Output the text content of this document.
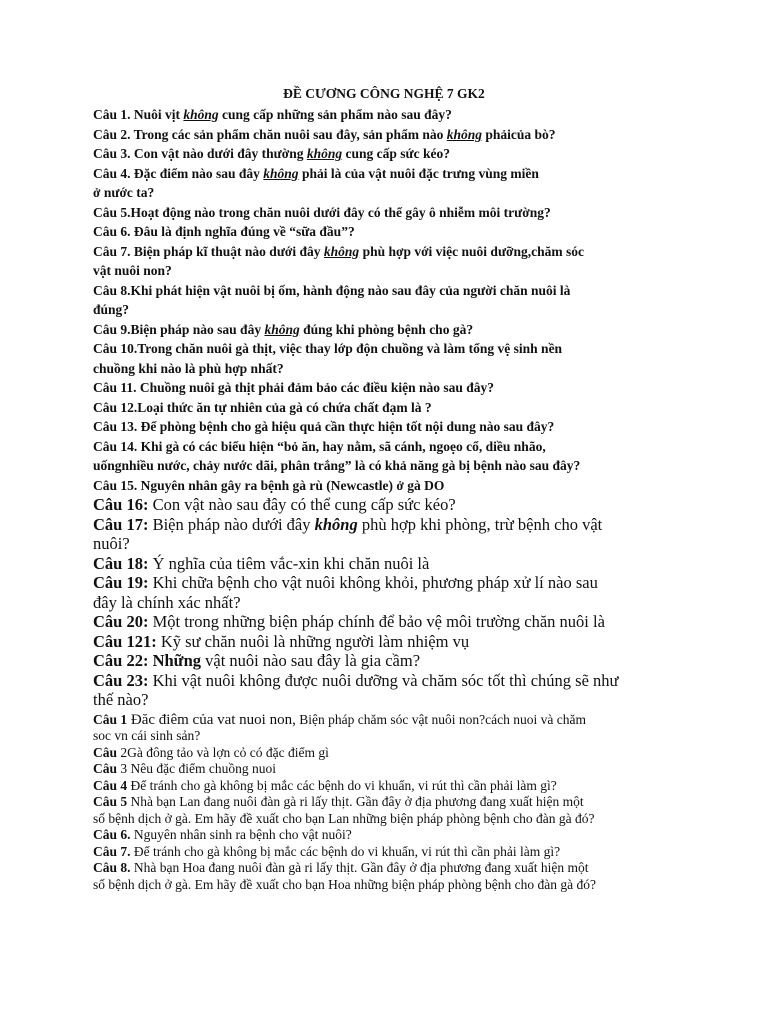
ĐỀ CƯƠNG CÔNG NGHỆ 7 GK2

Câu 1. Nuôi vịt không cung cấp những sản phẩm nào sau đây?

Câu 2. Trong các sản phẩm chăn nuôi sau đây, sản phẩm nào không phảicủa bò?

Câu 3. Con vật nào dưới đây thường không cung cấp sức kéo?

Câu 4. Đặc điểm nào sau đây không phải là của vật nuôi đặc trưng vùng miền
ở nước ta?

Câu 5.Hoạt động nào trong chăn nuôi dưới đây có thể gây ô nhiễm môi trường?

Câu 6. Đâu là định nghĩa đúng về “sữa đầu”?

Câu 7. Biện pháp kĩ thuật nào dưới đây không phù hợp với việc nuôi dưỡng,chăm sóc
vật nuôi non?

Câu 8.Khi phát hiện vật nuôi bị ốm, hành động nào sau đây của người chăn nuôi là
đúng?

Câu 9.Biện pháp nào sau đây không đúng khi phòng bệnh cho gà?

Câu 10.Trong chăn nuôi gà thịt, việc thay lớp độn chuồng và làm tổng vệ sinh nền
chuồng khi nào là phù hợp nhất?

Câu 11. Chuồng nuôi gà thịt phải đảm bảo các điều kiện nào sau đây?

Câu 12.Loại thức ăn tự nhiên của gà có chứa chất đạm là ?

Câu 13. Để phòng bệnh cho gà hiệu quả cần thực hiện tốt nội dung nào sau đây?

Câu 14. Khi gà có các biểu hiện “bỏ ăn, hay nằm, sã cánh, ngoẹo cổ, diều nhão,
uốngnhiều nước, chảy nước dãi, phân trắng” là có khả năng gà bị bệnh nào sau đây?

Câu 15. Nguyên nhân gây ra bệnh gà rù (Newcastle) ở gà DO

Câu 16: Con vật nào sau đây có thể cung cấp sức kéo?

Câu 17: Biện pháp nào dưới đây không phù hợp khi phòng, trừ bệnh cho vật
nuôi?

Câu 18: Ý nghĩa của tiêm vắc-xin khi chăn nuôi là

Câu 19: Khi chữa bệnh cho vật nuôi không khỏi, phương pháp xử lí nào sau
đây là chính xác nhất?

Câu 20: Một trong những biện pháp chính để bảo vệ môi trường chăn nuôi là

Câu 121: Kỹ sư chăn nuôi là những người làm nhiệm vụ

Câu 22: Những vật nuôi nào sau đây là gia cầm?

Câu 23: Khi vật nuôi không được nuôi dưỡng và chăm sóc tốt thì chúng sẽ như
thế nào?

Câu 1 Đăc điêm của vat nuoi non, Biện pháp chăm sóc vật nuôi non?cách nuoi và chăm
soc vn cái sinh sản?

Câu 2Gà đông tảo và lợn cỏ có đặc điểm gì

Câu 3 Nêu đặc điểm chuồng nuoi

Câu 4 Để tránh cho gà không bị mắc các bệnh do vi khuẩn, vi rút thì cần phải làm gì?

Câu 5 Nhà bạn Lan đang nuôi đàn gà ri lấy thịt. Gần đây ở địa phương đang xuất hiện một
số bệnh dịch ở gà. Em hãy đề xuất cho bạn Lan những biện pháp phòng bệnh cho đàn gà đó?

Câu 6. Nguyên nhân sinh ra bệnh cho vật nuôi?

Câu 7. Để tránh cho gà không bị mắc các bệnh do vi khuẩn, vi rút thì cần phải làm gì?

Câu 8. Nhà bạn Hoa đang nuôi đàn gà ri lấy thịt. Gần đây ở địa phương đang xuất hiện một
số bệnh dịch ở gà. Em hãy đề xuất cho bạn Hoa những biện pháp phòng bệnh cho đàn gà đó?
